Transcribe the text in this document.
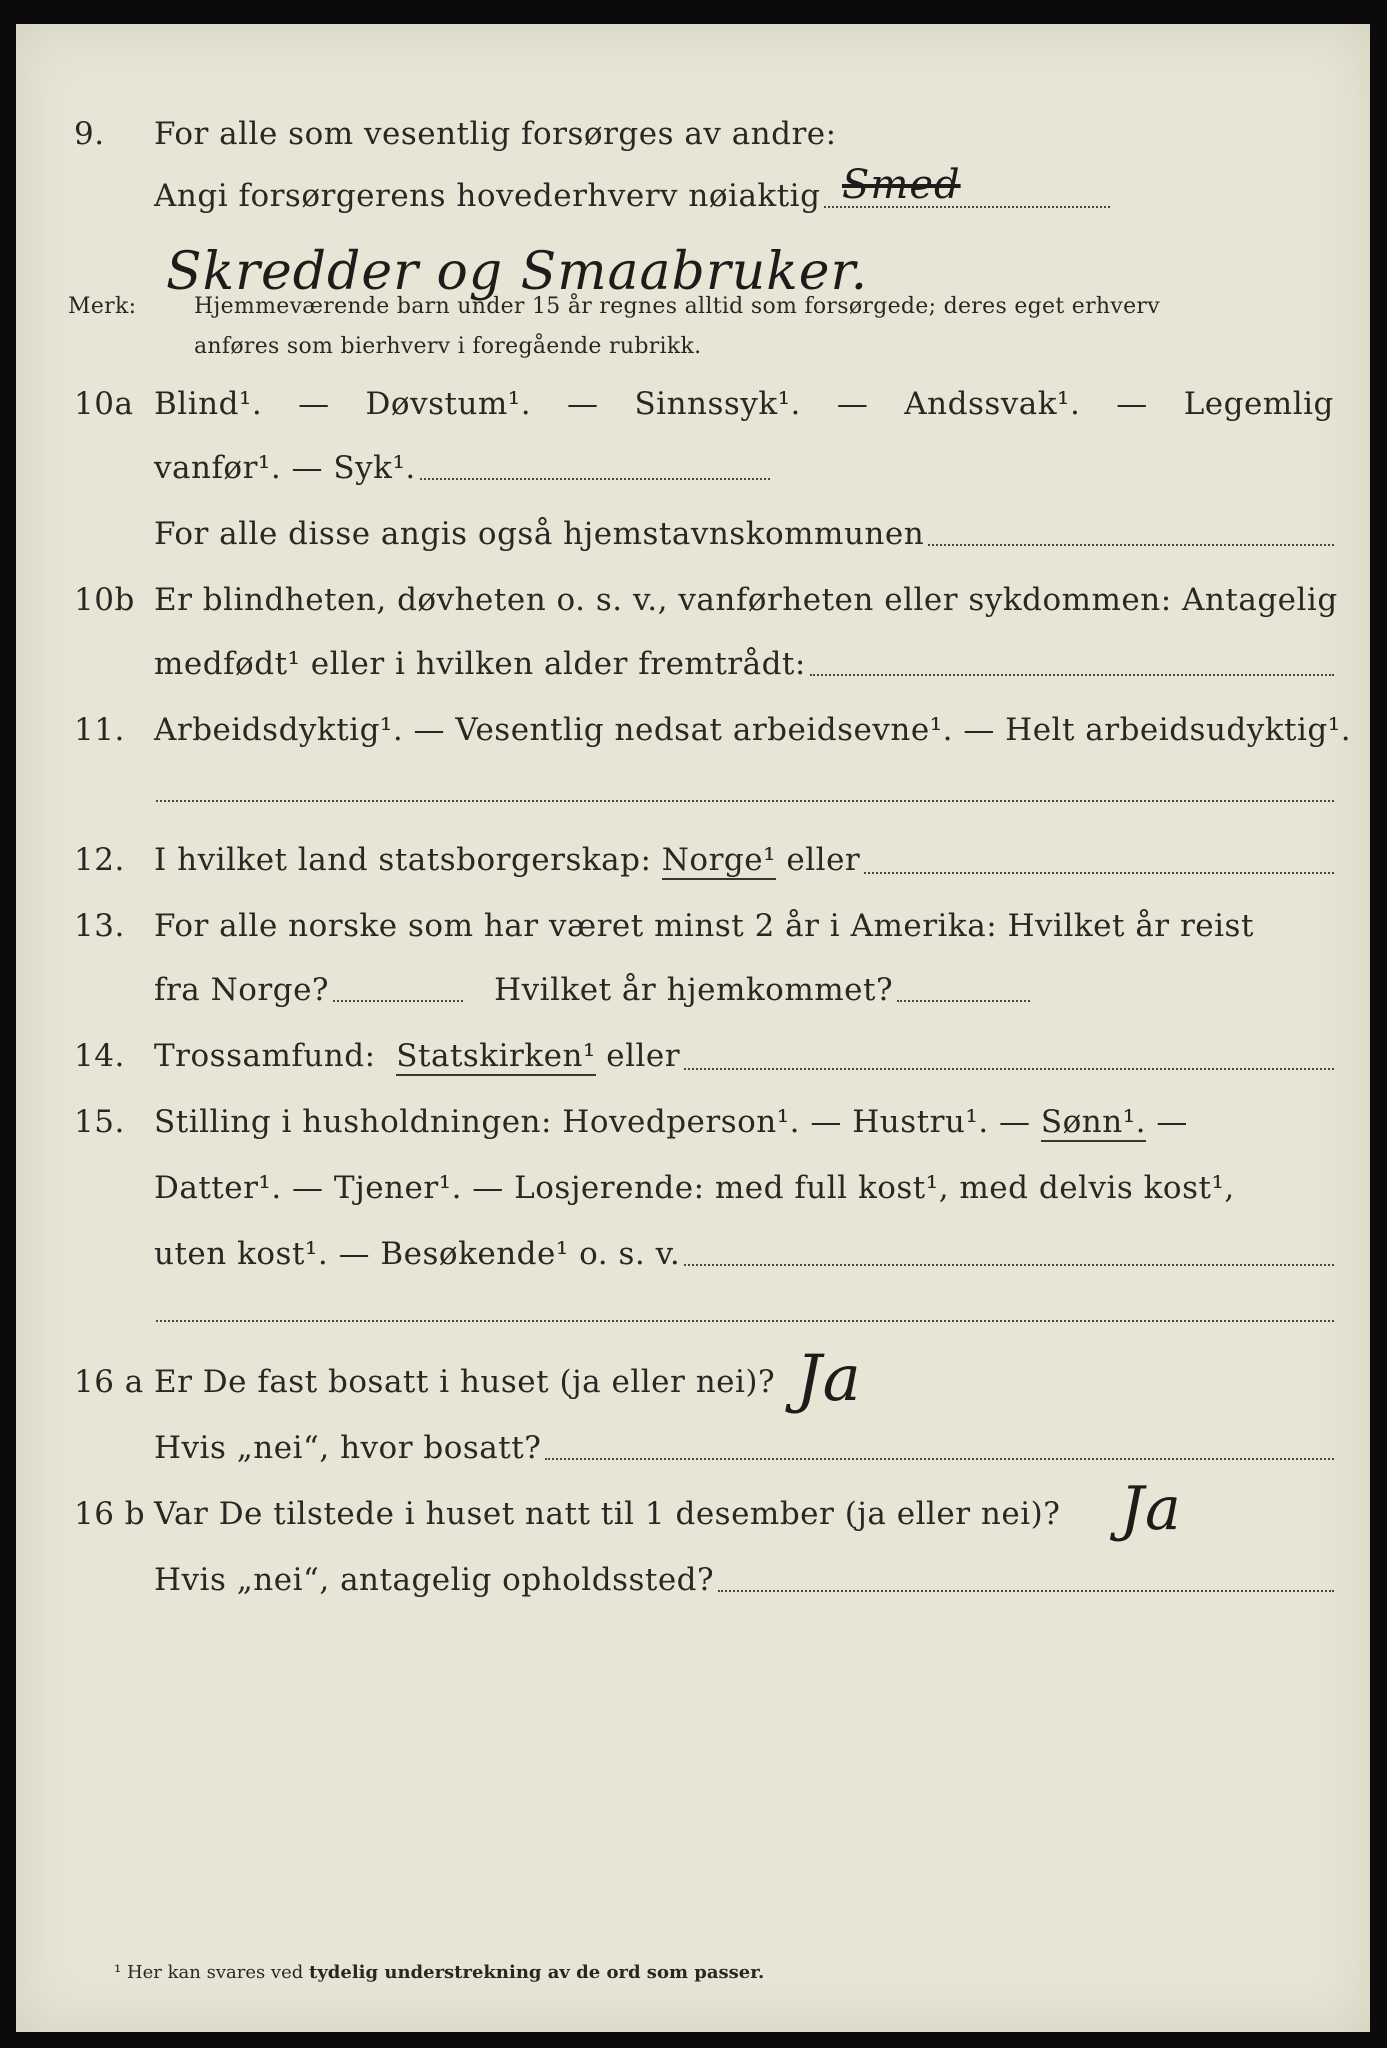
9. For alle som vesentlig forsørges av andre:
Angi forsørgerens hovederhverv nøiaktig Smed
Skredder og Smaabruker.
Merk:	Hjemmeværende barn under 15 år regnes alltid som forsørgede; deres eget erhverv
anføres som bierhverv i foregående rubrikk.
10a Blind¹. — Døvstum¹. — Sinnssyk¹. — Andssvak¹. — Legemlig
vanfør¹. — Syk¹.
For alle disse angis også hjemstavnskommunen
10b Er blindheten, døvheten o. s. v., vanførheten eller sykdommen: Antagelig
medfødt¹ eller i hvilken alder fremtrådt:
11. Arbeidsdyktig¹. — Vesentlig nedsat arbeidsevne¹. — Helt arbeidsudyktig¹.
12. I hvilket land statsborgerskap:
Norge¹
eller
13. For alle norske som har været minst 2 år i Amerika: Hvilket år reist
fra Norge?
	Hvilket år hjemkommet?
14. Trossamfund:
Statskirken¹
eller
15. Stilling i husholdningen: Hovedperson¹. — Hustru¹. —
Sønn¹.
—
Datter¹. — Tjener¹. — Losjerende: med full kost¹, med delvis kost¹,
uten kost¹. — Besøkende¹ o. s. v.
16 a Er De fast bosatt i huset (ja eller nei)? Ja
Hvis „nei“, hvor bosatt?
16 b Var De tilstede i huset natt til 1 desember (ja eller nei)? Ja
Hvis „nei“, antagelig opholdssted?
¹ Her kan svares ved tydelig understrekning av de ord som passer.
